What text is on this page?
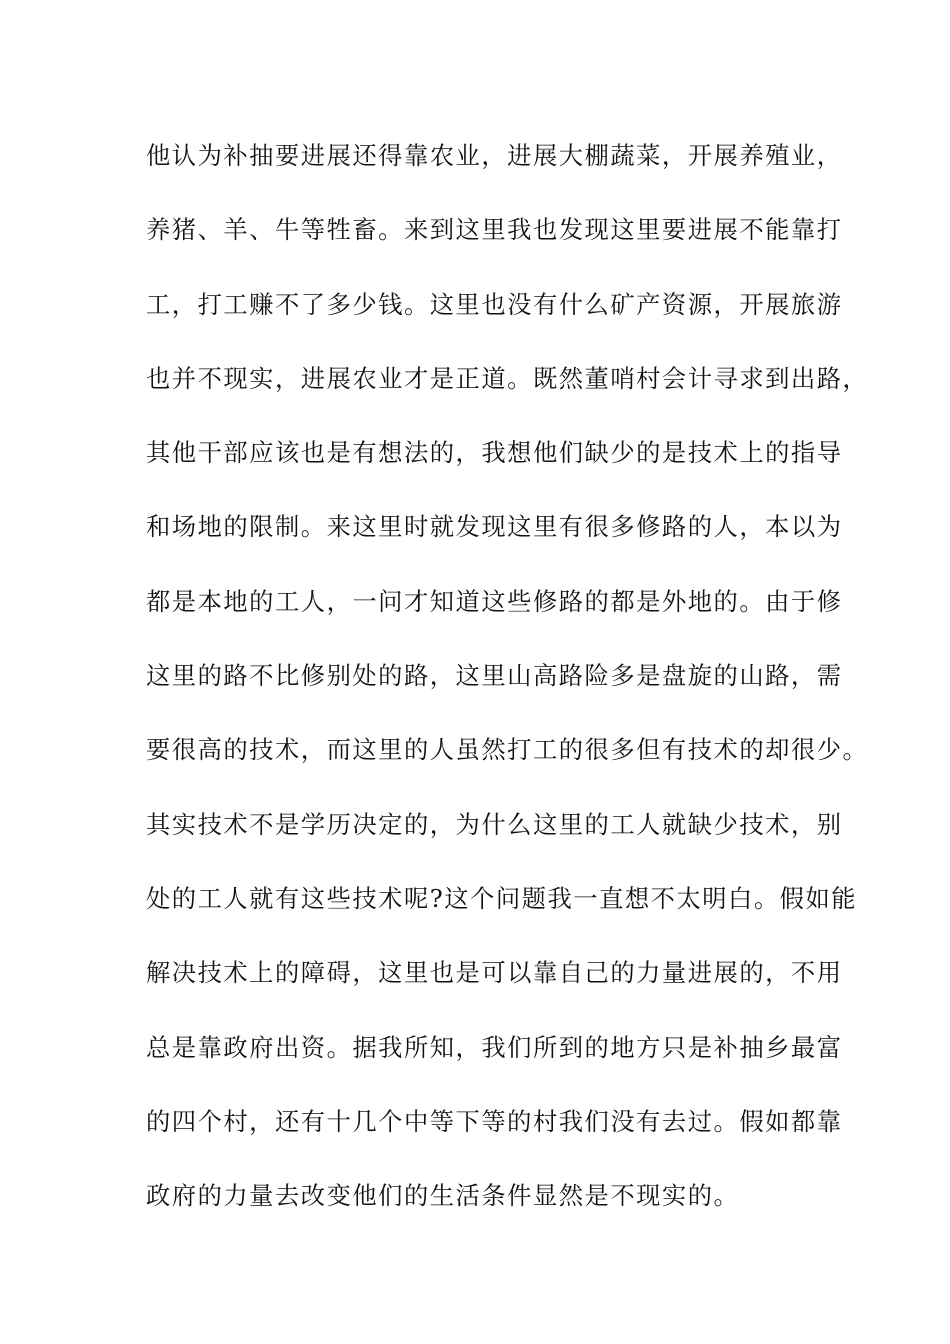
他认为补抽要进展还得靠农业，进展大棚蔬菜，开展养殖业，
养猪、羊、牛等牲畜。来到这里我也发现这里要进展不能靠打
工，打工赚不了多少钱。这里也没有什么矿产资源，开展旅游
也并不现实，进展农业才是正道。既然董哨村会计寻求到出路，
其他干部应该也是有想法的，我想他们缺少的是技术上的指导
和场地的限制。来这里时就发现这里有很多修路的人，本以为
都是本地的工人，一问才知道这些修路的都是外地的。由于修
这里的路不比修别处的路，这里山高路险多是盘旋的山路，需
要很高的技术，而这里的人虽然打工的很多但有技术的却很少。
其实技术不是学历决定的，为什么这里的工人就缺少技术，别
处的工人就有这些技术呢?这个问题我一直想不太明白。假如能
解决技术上的障碍，这里也是可以靠自己的力量进展的，不用
总是靠政府出资。据我所知，我们所到的地方只是补抽乡最富
的四个村，还有十几个中等下等的村我们没有去过。假如都靠
政府的力量去改变他们的生活条件显然是不现实的。
